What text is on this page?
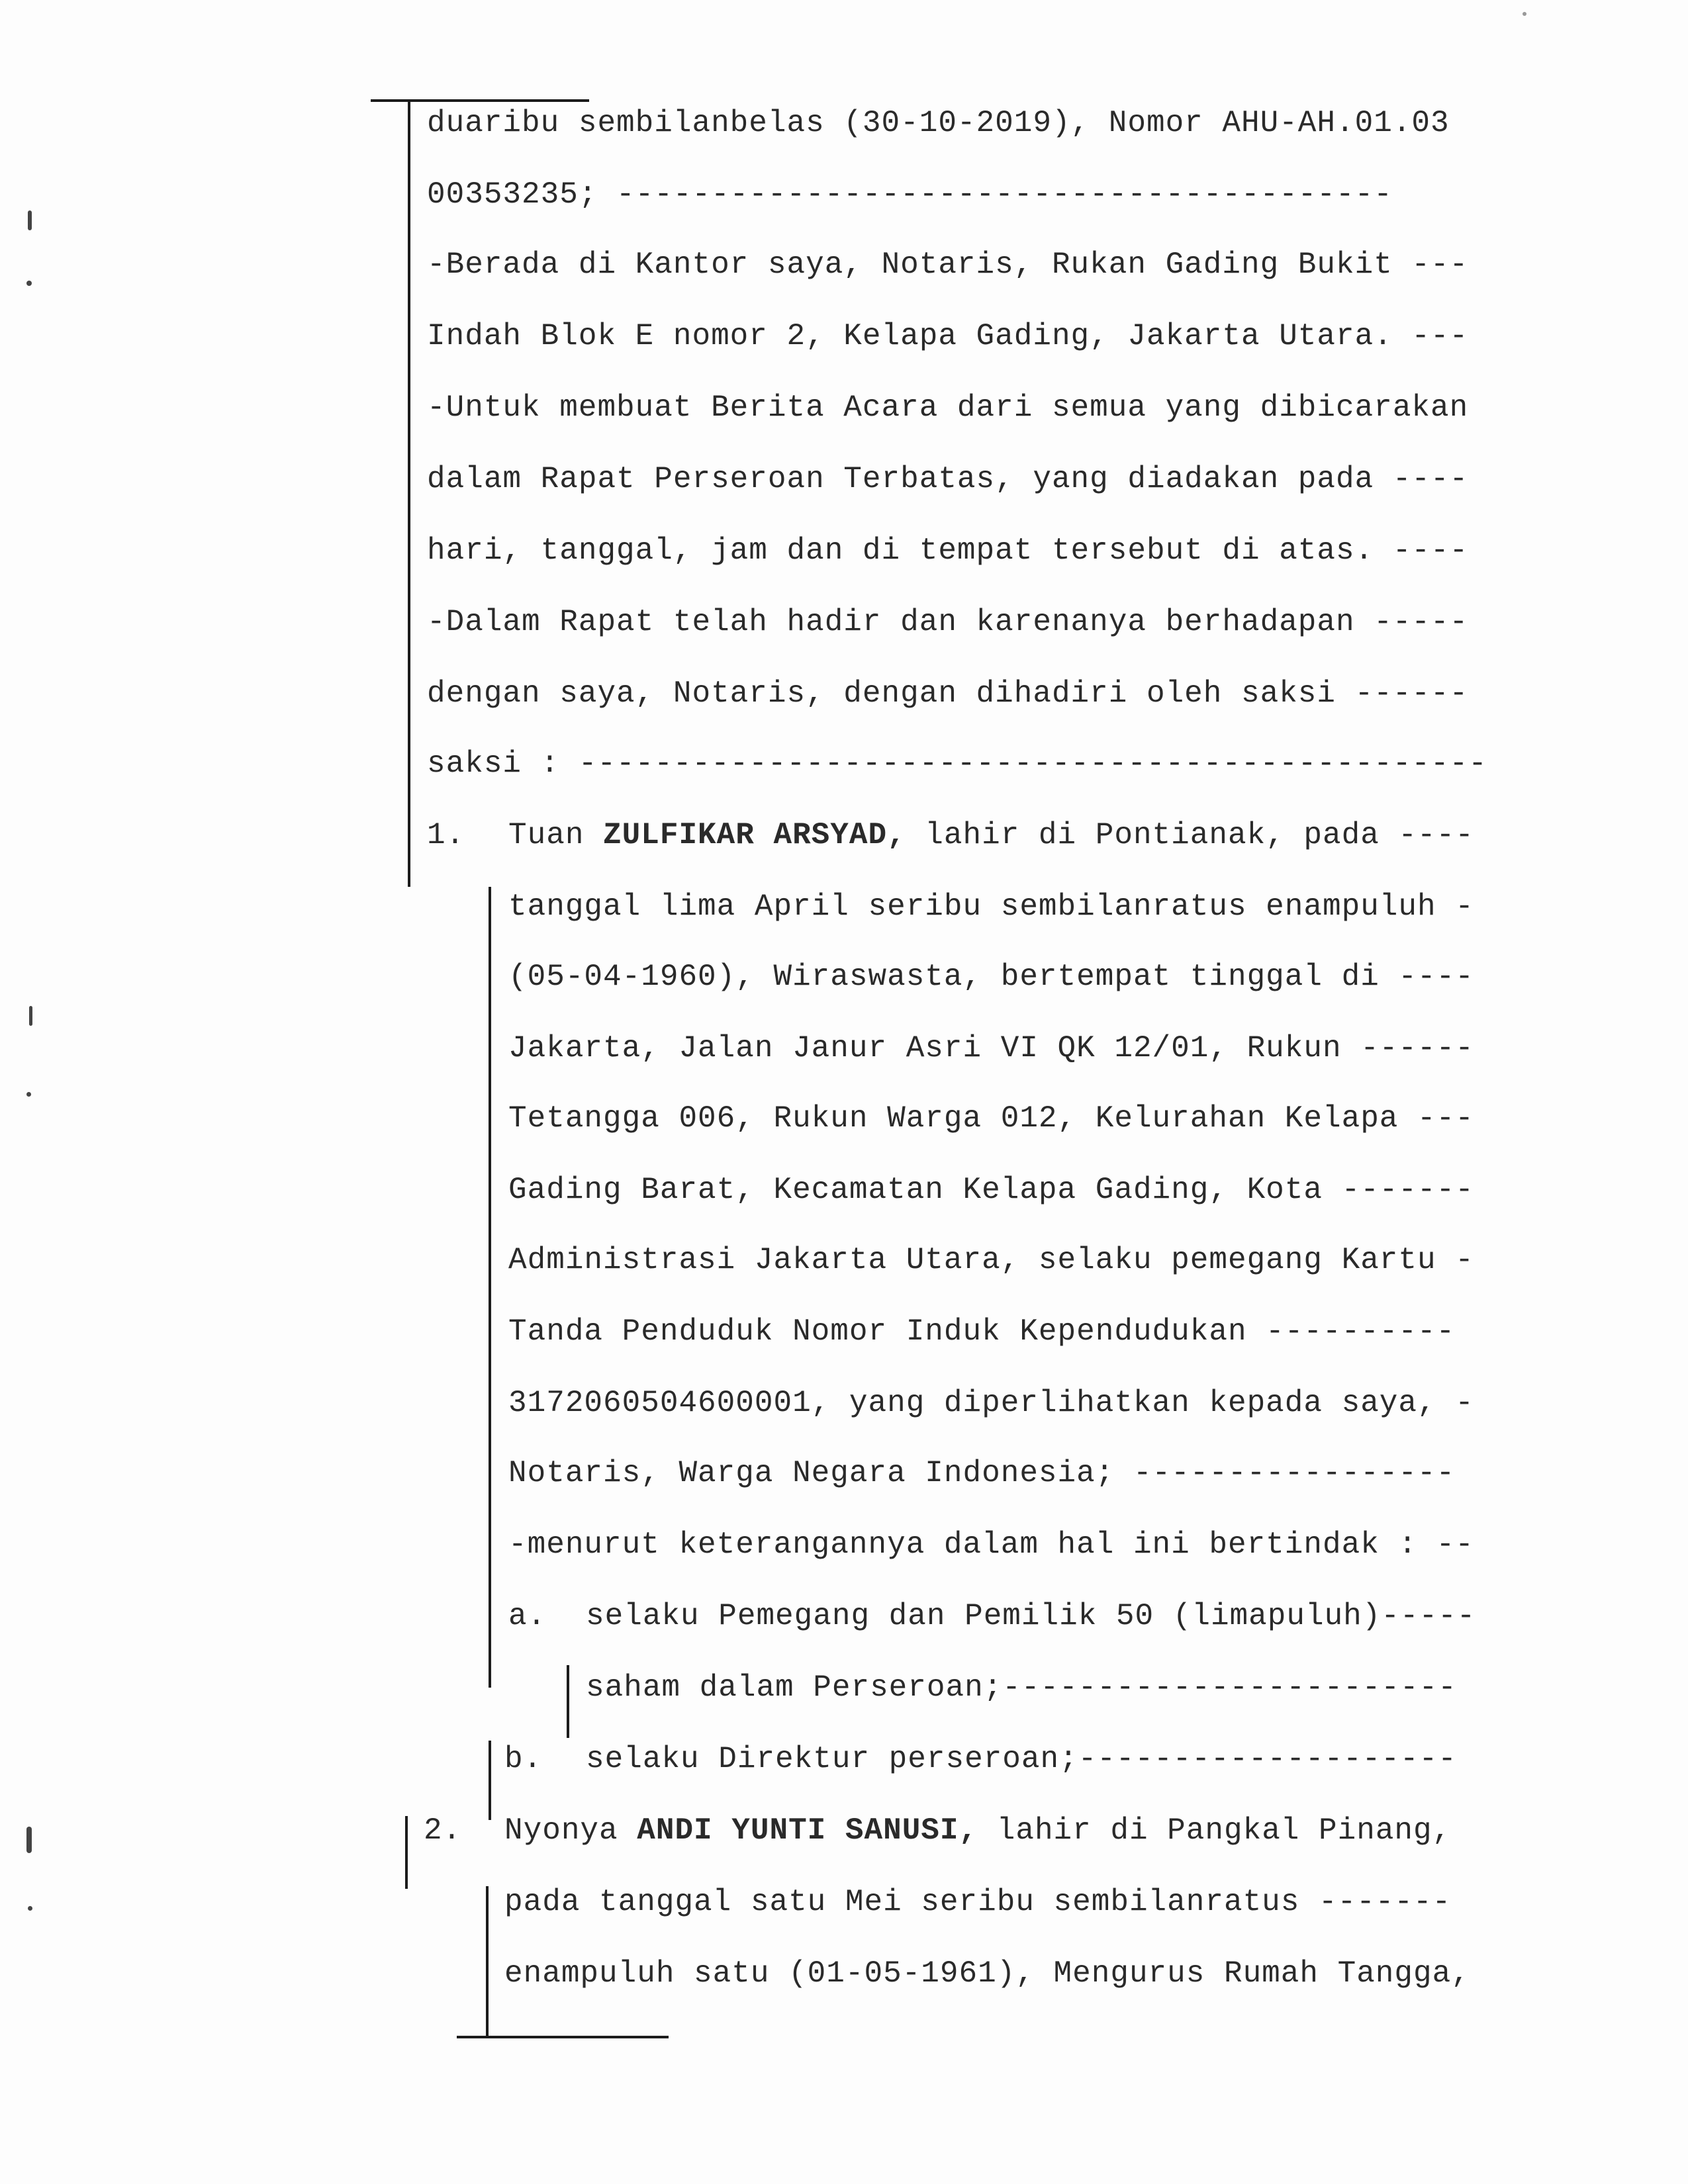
duaribu sembilanbelas (30-10-2019), Nomor AHU-AH.01.03
00353235; -----------------------------------------
-Berada di Kantor saya, Notaris, Rukan Gading Bukit ---
Indah Blok E nomor 2, Kelapa Gading, Jakarta Utara. ---
-Untuk membuat Berita Acara dari semua yang dibicarakan
dalam Rapat Perseroan Terbatas, yang diadakan pada ----
hari, tanggal, jam dan di tempat tersebut di atas. ----
-Dalam Rapat telah hadir dan karenanya berhadapan -----
dengan saya, Notaris, dengan dihadiri oleh saksi ------
saksi : ------------------------------------------------
1. Tuan ZULFIKAR ARSYAD, lahir di Pontianak, pada ----
tanggal lima April seribu sembilanratus enampuluh -
(05-04-1960), Wiraswasta, bertempat tinggal di ----
Jakarta, Jalan Janur Asri VI QK 12/01, Rukun ------
Tetangga 006, Rukun Warga 012, Kelurahan Kelapa ---
Gading Barat, Kecamatan Kelapa Gading, Kota -------
Administrasi Jakarta Utara, selaku pemegang Kartu -
Tanda Penduduk Nomor Induk Kependudukan ----------
3172060504600001, yang diperlihatkan kepada saya, -
Notaris, Warga Negara Indonesia; -----------------
-menurut keterangannya dalam hal ini bertindak : --
a. selaku Pemegang dan Pemilik 50 (limapuluh)-----
saham dalam Perseroan;------------------------
b. selaku Direktur perseroan;--------------------
2. Nyonya ANDI YUNTI SANUSI, lahir di Pangkal Pinang,
pada tanggal satu Mei seribu sembilanratus -------
enampuluh satu (01-05-1961), Mengurus Rumah Tangga,
